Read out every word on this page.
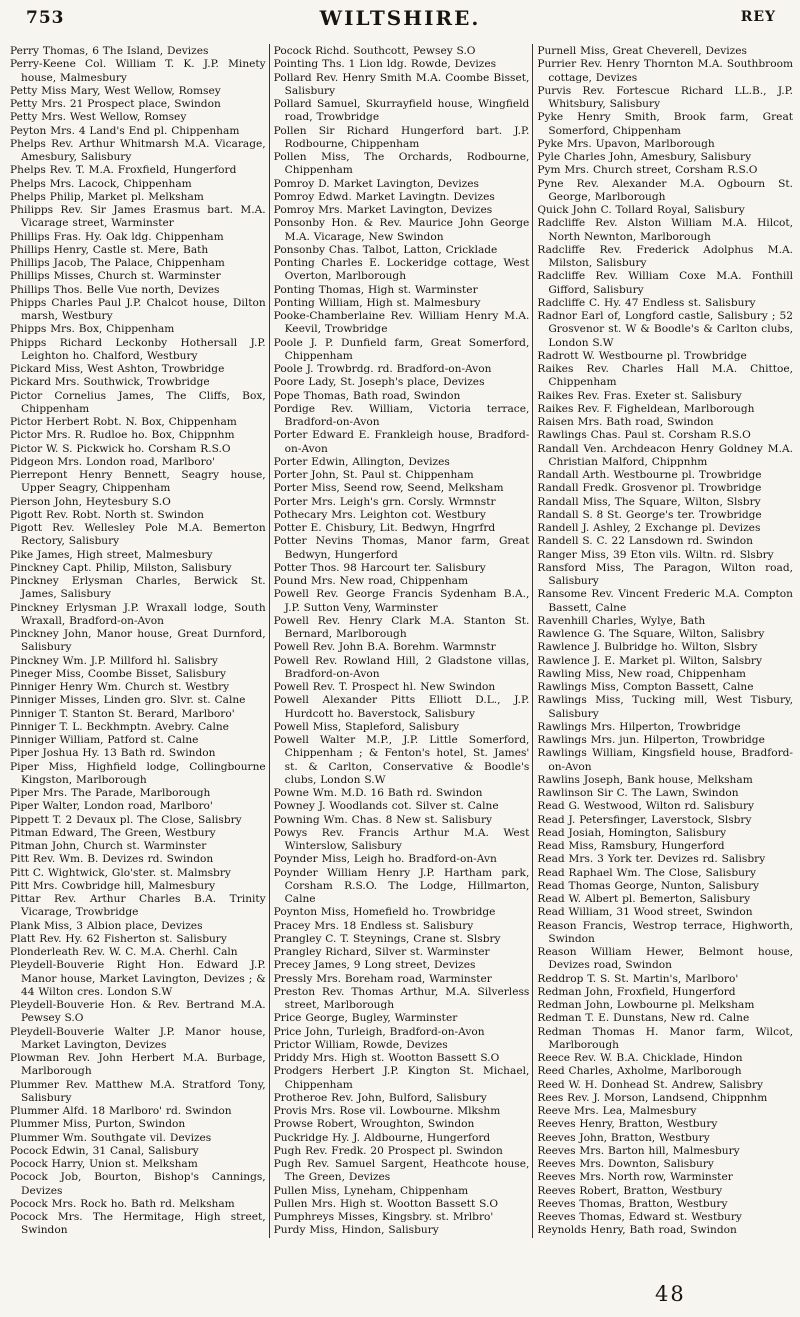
753	WILTSHIRE.	REY

Perry Thomas, 6 The Island, Devizes

Perry-Keene Col. William T. K. J.P. Minety house, Malmesbury

Petty Miss Mary, West Wellow, Romsey

Petty Mrs. 21 Prospect place, Swindon

Petty Mrs. West Wellow, Romsey

Peyton Mrs. 4 Land's End pl. Chippenham

Phelps Rev. Arthur Whitmarsh M.A. Vicarage, Amesbury, Salisbury

Phelps Rev. T. M.A. Froxfield, Hungerford

Phelps Mrs. Lacock, Chippenham

Phelps Philip, Market pl. Melksham

Philipps Rev. Sir James Erasmus bart. M.A. Vicarage street, Warminster

Phillips Fras. Hy. Oak ldg. Chippenham

Phillips Henry, Castle st. Mere, Bath

Phillips Jacob, The Palace, Chippenham

Phillips Misses, Church st. Warminster

Phillips Thos. Belle Vue north, Devizes

Phipps Charles Paul J.P. Chalcot house, Dilton marsh, Westbury

Phipps Mrs. Box, Chippenham

Phipps Richard Leckonby Hothersall J.P. Leighton ho. Chalford, Westbury

Pickard Miss, West Ashton, Trowbridge

Pickard Mrs. Southwick, Trowbridge

Pictor Cornelius James, The Cliffs, Box, Chippenham

Pictor Herbert Robt. N. Box, Chippenham

Pictor Mrs. R. Rudloe ho. Box, Chippnhm

Pictor W. S. Pickwick ho. Corsham R.S.O

Pidgeon Mrs. London road, Marlboro'

Pierrepont Henry Bennett, Seagry house, Upper Seagry, Chippenham

Pierson John, Heytesbury S.O

Pigott Rev. Robt. North st. Swindon

Pigott Rev. Wellesley Pole M.A. Bemerton Rectory, Salisbury

Pike James, High street, Malmesbury

Pinckney Capt. Philip, Milston, Salisbury

Pinckney Erlysman Charles, Berwick St. James, Salisbury

Pinckney Erlysman J.P. Wraxall lodge, South Wraxall, Bradford-on-Avon

Pinckney John, Manor house, Great Durnford, Salisbury

Pinckney Wm. J.P. Millford hl. Salisbry

Pineger Miss, Coombe Bisset, Salisbury

Pinniger Henry Wm. Church st. Westbry

Pinniger Misses, Linden gro. Slvr. st. Calne

Pinniger T. Stanton St. Berard, Marlboro'

Pinniger T. L. Beckhmptn. Avebry. Calne

Pinniger William, Patford st. Calne

Piper Joshua Hy. 13 Bath rd. Swindon

Piper Miss, Highfield lodge, Collingbourne Kingston, Marlborough

Piper Mrs. The Parade, Marlborough

Piper Walter, London road, Marlboro'

Pippett T. 2 Devaux pl. The Close, Salisbry

Pitman Edward, The Green, Westbury

Pitman John, Church st. Warminster

Pitt Rev. Wm. B. Devizes rd. Swindon

Pitt C. Wightwick, Glo'ster. st. Malmsbry

Pitt Mrs. Cowbridge hill, Malmesbury

Pittar Rev. Arthur Charles B.A. Trinity Vicarage, Trowbridge

Plank Miss, 3 Albion place, Devizes

Platt Rev. Hy. 62 Fisherton st. Salisbury

Plonderleath Rev. W. C. M.A. Cherhl. Caln

Pleydell-Bouverie Right Hon. Edward J.P. Manor house, Market Lavington, Devizes ; & 44 Wilton cres. London S.W

Pleydell-Bouverie Hon. & Rev. Bertrand M.A. Pewsey S.O

Pleydell-Bouverie Walter J.P. Manor house, Market Lavington, Devizes

Plowman Rev. John Herbert M.A. Burbage, Marlborough

Plummer Rev. Matthew M.A. Stratford Tony, Salisbury

Plummer Alfd. 18 Marlboro' rd. Swindon

Plummer Miss, Purton, Swindon

Plummer Wm. Southgate vil. Devizes

Pocock Edwin, 31 Canal, Salisbury

Pocock Harry, Union st. Melksham

Pocock Job, Bourton, Bishop's Cannings, Devizes

Pocock Mrs. Rock ho. Bath rd. Melksham

Pocock Mrs. The Hermitage, High street, Swindon

Pocock Richd. Southcott, Pewsey S.O

Pointing Ths. 1 Lion ldg. Rowde, Devizes

Pollard Rev. Henry Smith M.A. Coombe Bisset, Salisbury

Pollard Samuel, Skurrayfield house, Wingfield road, Trowbridge

Pollen Sir Richard Hungerford bart. J.P. Rodbourne, Chippenham

Pollen Miss, The Orchards, Rodbourne, Chippenham

Pomroy D. Market Lavington, Devizes

Pomroy Edwd. Market Lavingtn. Devizes

Pomroy Mrs. Market Lavington, Devizes

Ponsonby Hon. & Rev. Maurice John George M.A. Vicarage, New Swindon

Ponsonby Chas. Talbot, Latton, Cricklade

Ponting Charles E. Lockeridge cottage, West Overton, Marlborough

Ponting Thomas, High st. Warminster

Ponting William, High st. Malmesbury

Pooke-Chamberlaine Rev. William Henry M.A. Keevil, Trowbridge

Poole J. P. Dunfield farm, Great Somerford, Chippenham

Poole J. Trowbrdg. rd. Bradford-on-Avon

Poore Lady, St. Joseph's place, Devizes

Pope Thomas, Bath road, Swindon

Pordige Rev. William, Victoria terrace, Bradford-on-Avon

Porter Edward E. Frankleigh house, Bradford-on-Avon

Porter Edwin, Allington, Devizes

Porter John, St. Paul st. Chippenham

Porter Miss, Seend row, Seend, Melksham

Porter Mrs. Leigh's grn. Corsly. Wrmnstr

Pothecary Mrs. Leighton cot. Westbury

Potter E. Chisbury, Lit. Bedwyn, Hngrfrd

Potter Nevins Thomas, Manor farm, Great Bedwyn, Hungerford

Potter Thos. 98 Harcourt ter. Salisbury

Pound Mrs. New road, Chippenham

Powell Rev. George Francis Sydenham B.A., J.P. Sutton Veny, Warminster

Powell Rev. Henry Clark M.A. Stanton St. Bernard, Marlborough

Powell Rev. John B.A. Borehm. Warmnstr

Powell Rev. Rowland Hill, 2 Gladstone villas, Bradford-on-Avon

Powell Rev. T. Prospect hl. New Swindon

Powell Alexander Pitts Elliott D.L., J.P. Hurdcott ho. Baverstock, Salisbury

Powell Miss, Stapleford, Salisbury

Powell Walter M.P., J.P. Little Somerford, Chippenham ; & Fenton's hotel, St. James' st. & Carlton, Conservative & Boodle's clubs, London S.W

Powne Wm. M.D. 16 Bath rd. Swindon

Powney J. Woodlands cot. Silver st. Calne

Powning Wm. Chas. 8 New st. Salisbury

Powys Rev. Francis Arthur M.A. West Winterslow, Salisbury

Poynder Miss, Leigh ho. Bradford-on-Avn

Poynder William Henry J.P. Hartham park, Corsham R.S.O. The Lodge, Hillmarton, Calne

Poynton Miss, Homefield ho. Trowbridge

Pracey Mrs. 18 Endless st. Salisbury

Prangley C. T. Steynings, Crane st. Slsbry

Prangley Richard, Silver st. Warminster

Precey James, 9 Long street, Devizes

Pressly Mrs. Boreham road, Warminster

Preston Rev. Thomas Arthur, M.A. Silverless street, Marlborough

Price George, Bugley, Warminster

Price John, Turleigh, Bradford-on-Avon

Prictor William, Rowde, Devizes

Priddy Mrs. High st. Wootton Bassett S.O

Prodgers Herbert J.P. Kington St. Michael, Chippenham

Protheroe Rev. John, Bulford, Salisbury

Provis Mrs. Rose vil. Lowbourne. Mlkshm

Prowse Robert, Wroughton, Swindon

Puckridge Hy. J. Aldbourne, Hungerford

Pugh Rev. Fredk. 20 Prospect pl. Swindon

Pugh Rev. Samuel Sargent, Heathcote house, The Green, Devizes

Pullen Miss, Lyneham, Chippenham

Pullen Mrs. High st. Wootton Bassett S.O

Pumphreys Misses, Kingsbry. st. Mrlbro'

Purdy Miss, Hindon, Salisbury

Purnell Miss, Great Cheverell, Devizes

Purrier Rev. Henry Thornton M.A. Southbroom cottage, Devizes

Purvis Rev. Fortescue Richard LL.B., J.P. Whitsbury, Salisbury

Pyke Henry Smith, Brook farm, Great Somerford, Chippenham

Pyke Mrs. Upavon, Marlborough

Pyle Charles John, Amesbury, Salisbury

Pym Mrs. Church street, Corsham R.S.O

Pyne Rev. Alexander M.A. Ogbourn St. George, Marlborough

Quick John C. Tollard Royal, Salisbury

Radcliffe Rev. Alston William M.A. Hilcot, North Newnton, Marlborough

Radcliffe Rev. Frederick Adolphus M.A. Milston, Salisbury

Radcliffe Rev. William Coxe M.A. Fonthill Gifford, Salisbury

Radcliffe C. Hy. 47 Endless st. Salisbury

Radnor Earl of, Longford castle, Salisbury ; 52 Grosvenor st. W & Boodle's & Carlton clubs, London S.W

Radrott W. Westbourne pl. Trowbridge

Raikes Rev. Charles Hall M.A. Chittoe, Chippenham

Raikes Rev. Fras. Exeter st. Salisbury

Raikes Rev. F. Figheldean, Marlborough

Raisen Mrs. Bath road, Swindon

Rawlings Chas. Paul st. Corsham R.S.O

Randall Ven. Archdeacon Henry Goldney M.A. Christian Malford, Chippnhm

Randall Arth. Westbourne pl. Trowbridge

Randall Fredk. Grosvenor pl. Trowbridge

Randall Miss, The Square, Wilton, Slsbry

Randall S. 8 St. George's ter. Trowbridge

Randell J. Ashley, 2 Exchange pl. Devizes

Randell S. C. 22 Lansdown rd. Swindon

Ranger Miss, 39 Eton vils. Wiltn. rd. Slsbry

Ransford Miss, The Paragon, Wilton road, Salisbury

Ransome Rev. Vincent Frederic M.A. Compton Bassett, Calne

Ravenhill Charles, Wylye, Bath

Rawlence G. The Square, Wilton, Salisbry

Rawlence J. Bulbridge ho. Wilton, Slsbry

Rawlence J. E. Market pl. Wilton, Salsbry

Rawling Miss, New road, Chippenham

Rawlings Miss, Compton Bassett, Calne

Rawlings Miss, Tucking mill, West Tisbury, Salisbury

Rawlings Mrs. Hilperton, Trowbridge

Rawlings Mrs. jun. Hilperton, Trowbridge

Rawlings William, Kingsfield house, Bradford-on-Avon

Rawlins Joseph, Bank house, Melksham

Rawlinson Sir C. The Lawn, Swindon

Read G. Westwood, Wilton rd. Salisbury

Read J. Petersfinger, Laverstock, Slsbry

Read Josiah, Homington, Salisbury

Read Miss, Ramsbury, Hungerford

Read Mrs. 3 York ter. Devizes rd. Salisbry

Read Raphael Wm. The Close, Salisbury

Read Thomas George, Nunton, Salisbury

Read W. Albert pl. Bemerton, Salisbury

Read William, 31 Wood street, Swindon

Reason Francis, Westrop terrace, Highworth, Swindon

Reason William Hewer, Belmont house, Devizes road, Swindon

Reddrop T. S. St. Martin's, Marlboro'

Redman John, Froxfield, Hungerford

Redman John, Lowbourne pl. Melksham

Redman T. E. Dunstans, New rd. Calne

Redman Thomas H. Manor farm, Wilcot, Marlborough

Reece Rev. W. B.A. Chicklade, Hindon

Reed Charles, Axholme, Marlborough

Reed W. H. Donhead St. Andrew, Salisbry

Rees Rev. J. Morson, Landsend, Chippnhm

Reeve Mrs. Lea, Malmesbury

Reeves Henry, Bratton, Westbury

Reeves John, Bratton, Westbury

Reeves Mrs. Barton hill, Malmesbury

Reeves Mrs. Downton, Salisbury

Reeves Mrs. North row, Warminster

Reeves Robert, Bratton, Westbury

Reeves Thomas, Bratton, Westbury

Reeves Thomas, Edward st. Westbury

Reynolds Henry, Bath road, Swindon

48
